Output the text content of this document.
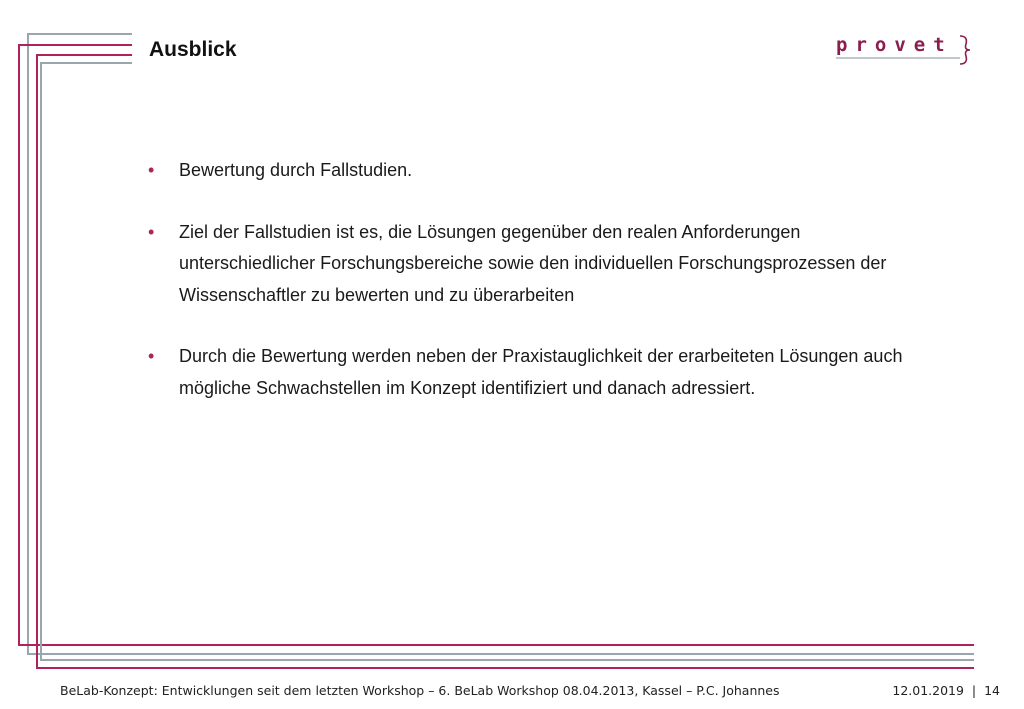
Ausblick	provet
• Bewertung durch Fallstudien.
• Ziel der Fallstudien ist es, die Lösungen gegenüber den realen Anforderungen unterschiedlicher Forschungsbereiche sowie den individuellen Forschungsprozessen der Wissenschaftler zu bewerten und zu überarbeiten
• Durch die Bewertung werden neben der Praxistauglichkeit der erarbeiteten Lösungen auch mögliche Schwachstellen im Konzept identifiziert und danach adressiert.
BeLab-Konzept: Entwicklungen seit dem letzten Workshop – 6. BeLab Workshop 08.04.2013, Kassel – P.C. Johannes	12.01.2019 | 14
